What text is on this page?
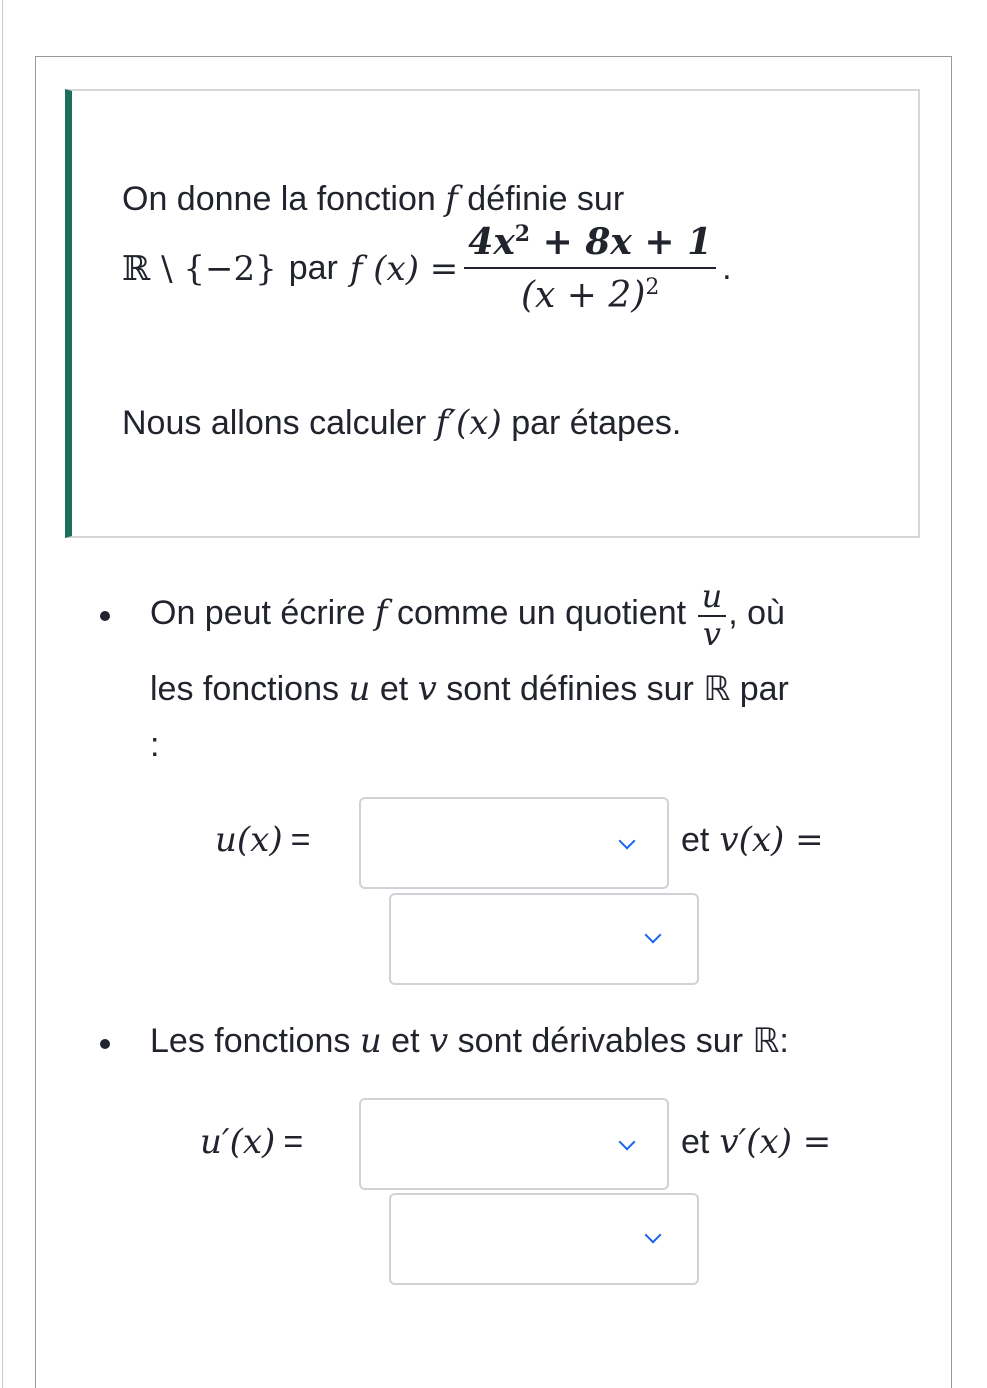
On donne la fonction f définie sur
ℝ \ {−2} par f $(x) = \frac{4x^2 + 8x + 1}{(x + 2)^2}$ .
Nous allons calculer f′(x) par étapes.
On peut écrire f comme un quotient $\frac{u}{v}$ , où
les fonctions u et v sont définies sur ℝ par

:
u(x) =	et v(x) =
Les fonctions u et v sont dérivables sur ℝ:
u′(x) =	et v′(x) =
